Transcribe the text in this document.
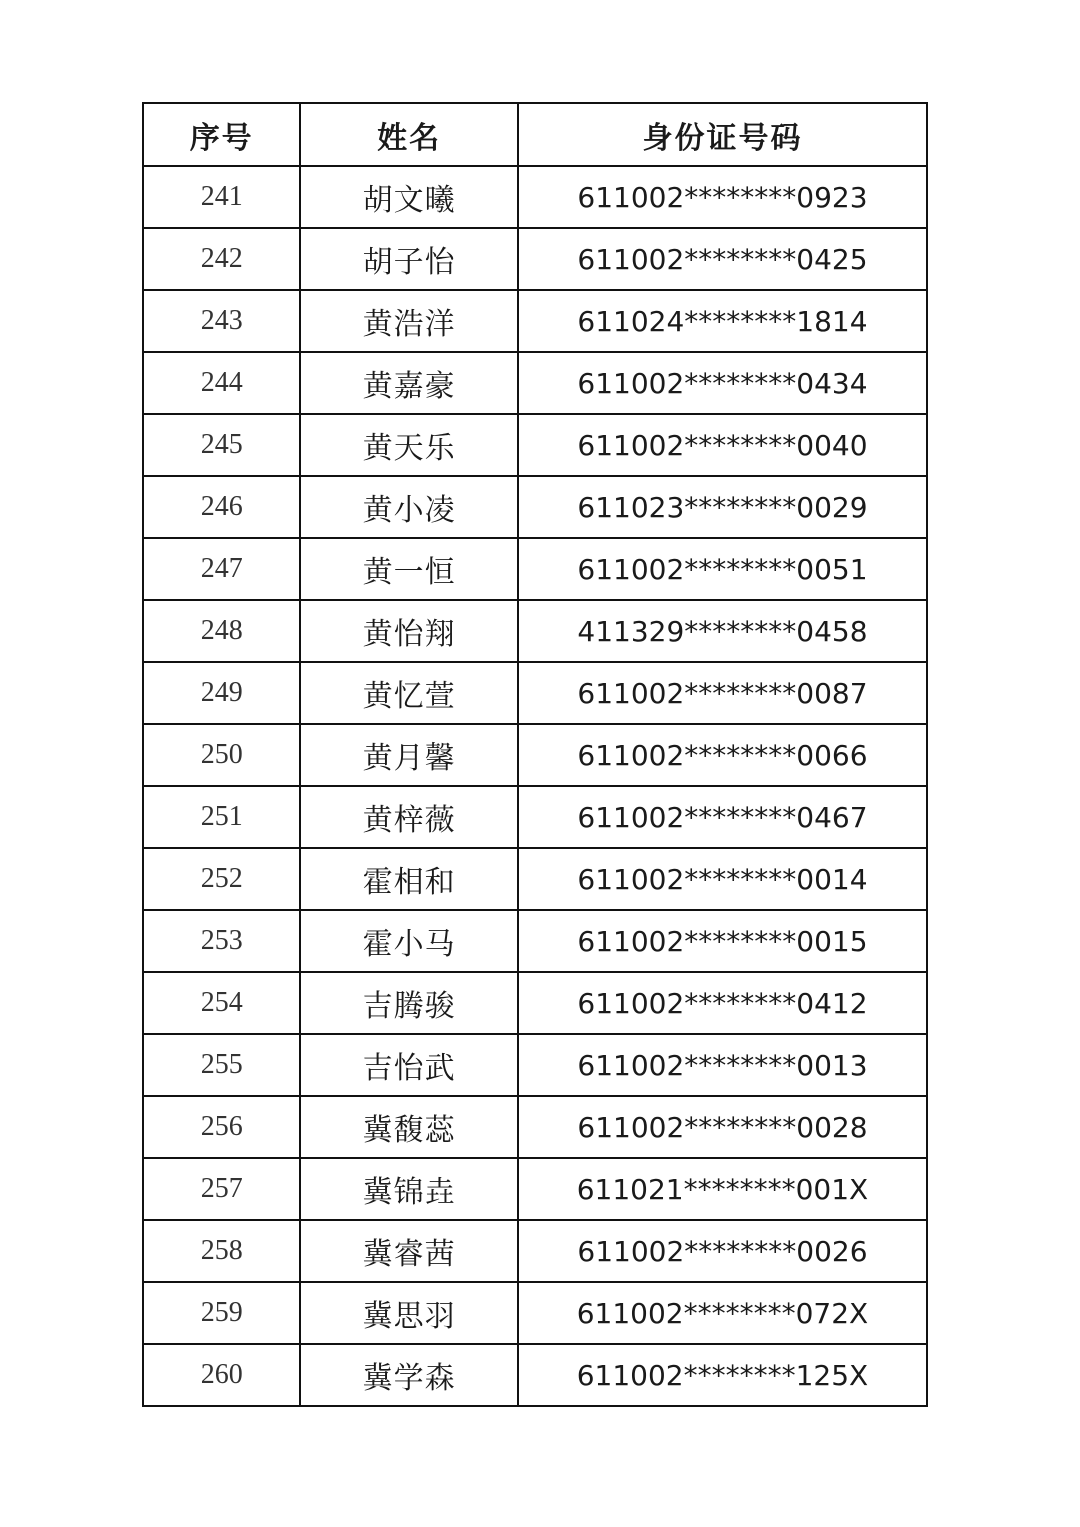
序号	姓名	身份证号码
241	胡文曦	611002********0923
242	胡子怡	611002********0425
243	黄浩洋	611024********1814
244	黄嘉豪	611002********0434
245	黄天乐	611002********0040
246	黄小凌	611023********0029
247	黄一恒	611002********0051
248	黄怡翔	411329********0458
249	黄忆萱	611002********0087
250	黄月馨	611002********0066
251	黄梓薇	611002********0467
252	霍相和	611002********0014
253	霍小马	611002********0015
254	吉腾骏	611002********0412
255	吉怡武	611002********0013
256	冀馥蕊	611002********0028
257	冀锦垚	611021********001X
258	冀睿茜	611002********0026
259	冀思羽	611002********072X
260	冀学森	611002********125X
